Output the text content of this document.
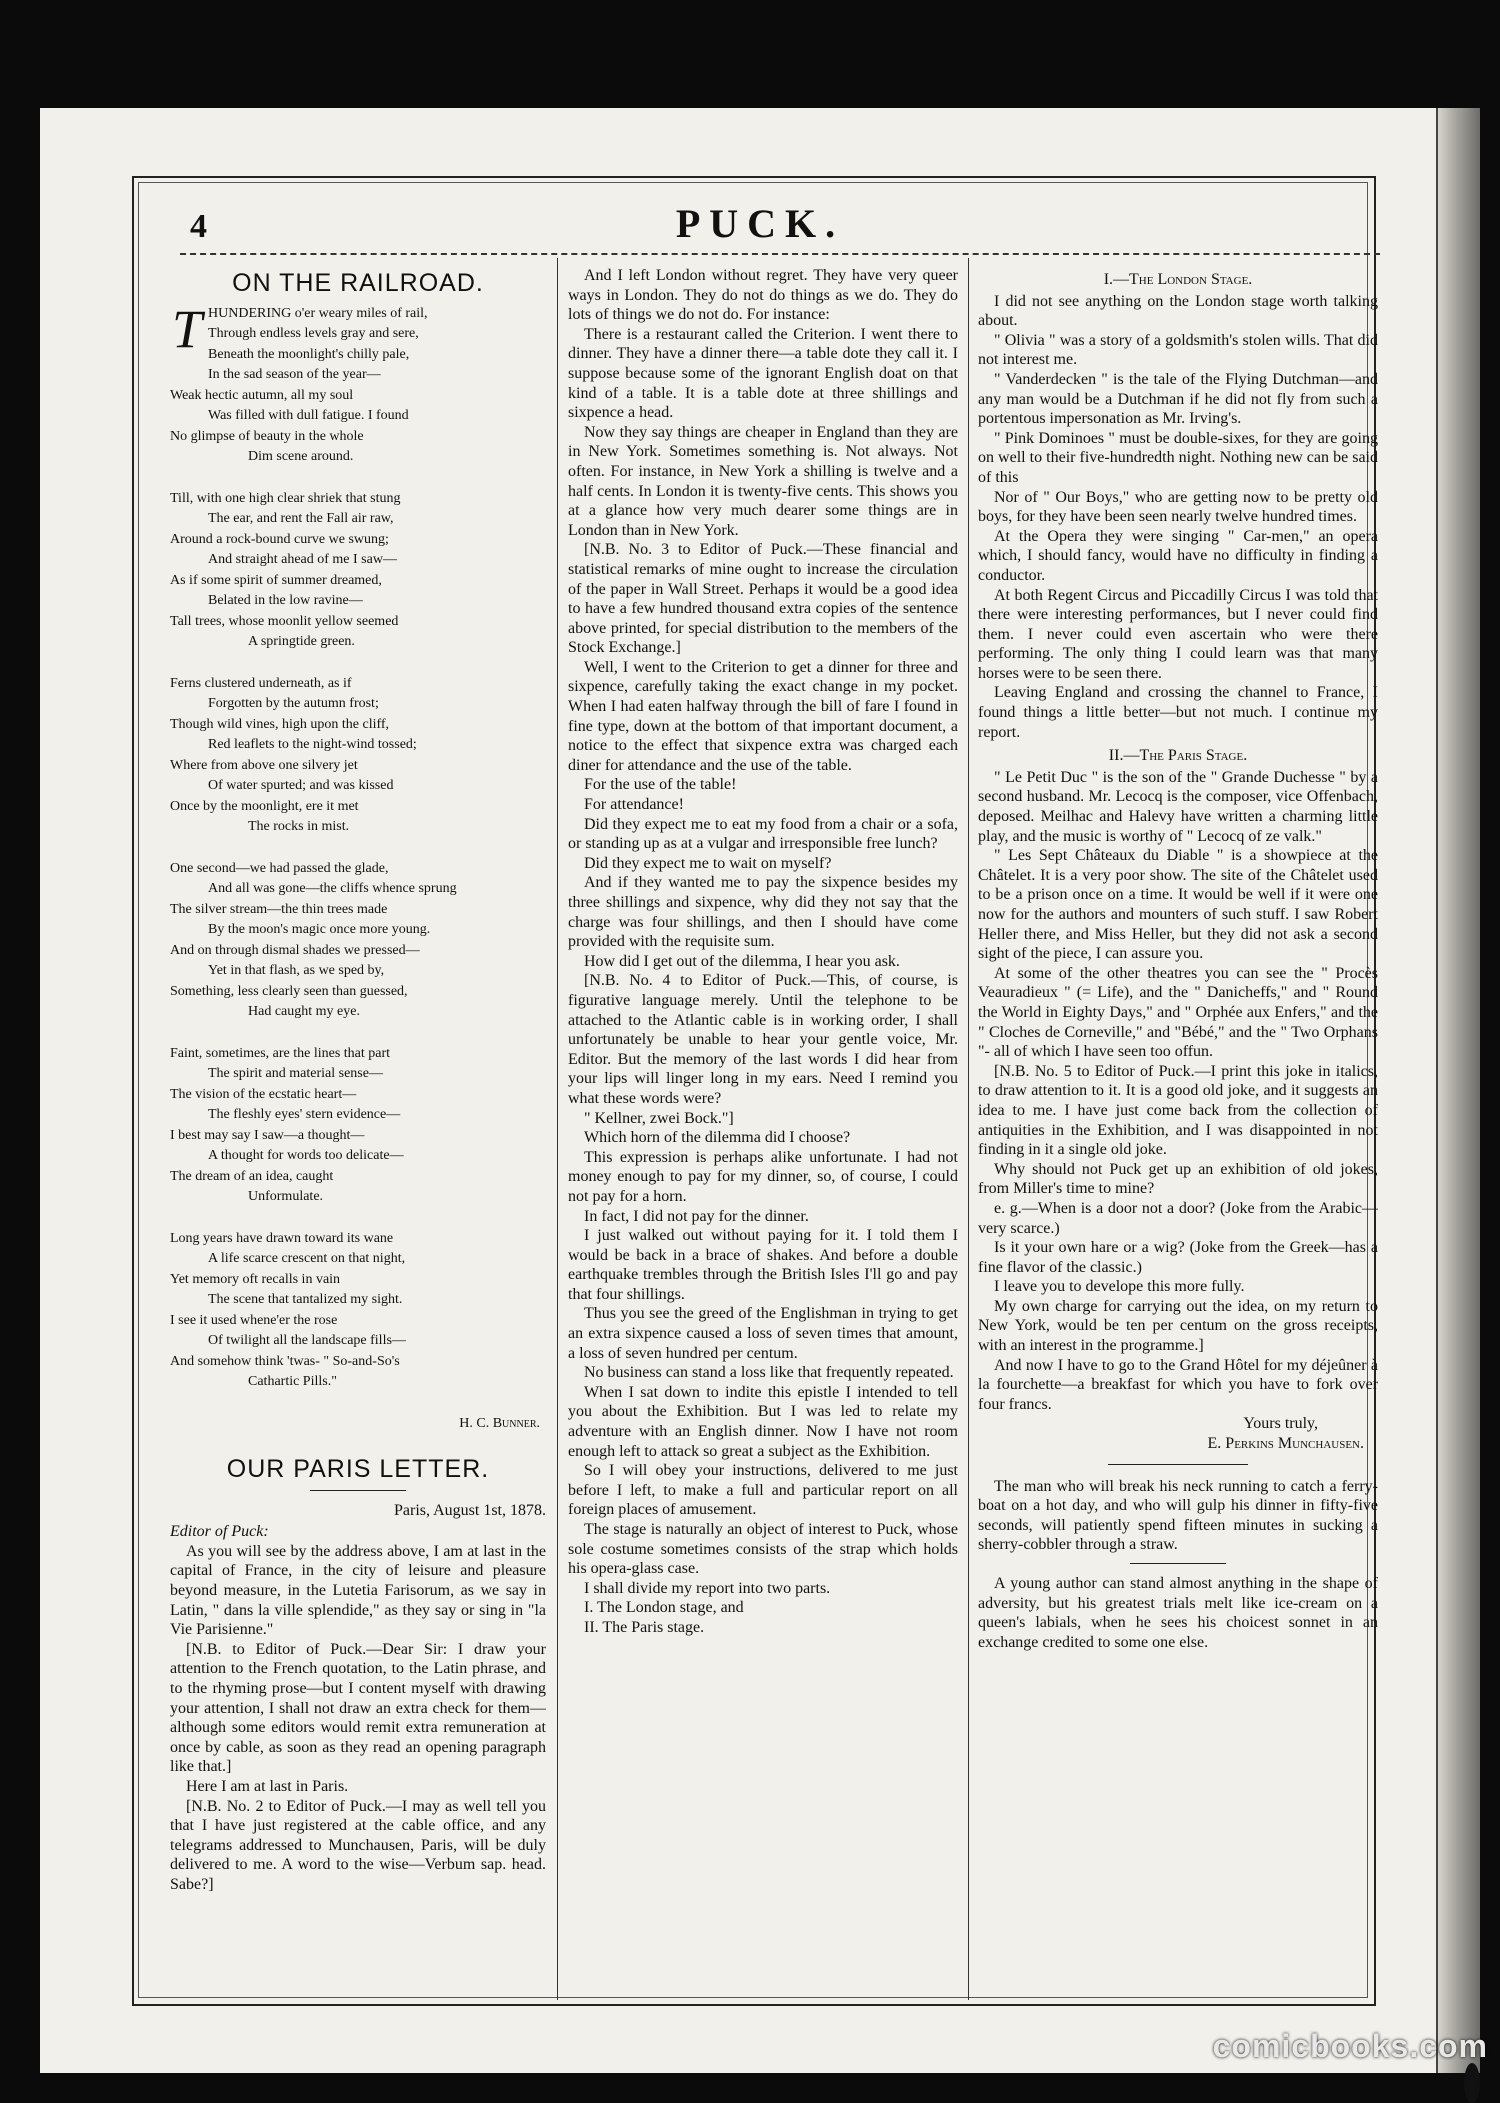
4	PUCK.
ON THE RAILROAD.
T HUNDERING o'er weary miles of rail,
Through endless levels gray and sere,
Beneath the moonlight's chilly pale,
In the sad season of the year—
Weak hectic autumn, all my soul
Was filled with dull fatigue. I found
No glimpse of beauty in the whole
Dim scene around.
Till, with one high clear shriek that stung
The ear, and rent the Fall air raw,
Around a rock-bound curve we swung;
And straight ahead of me I saw—
As if some spirit of summer dreamed,
Belated in the low ravine—
Tall trees, whose moonlit yellow seemed
A springtide green.
Ferns clustered underneath, as if
Forgotten by the autumn frost;
Though wild vines, high upon the cliff,
Red leaflets to the night-wind tossed;
Where from above one silvery jet
Of water spurted; and was kissed
Once by the moonlight, ere it met
The rocks in mist.
One second—we had passed the glade,
And all was gone—the cliffs whence sprung
The silver stream—the thin trees made
By the moon's magic once more young.
And on through dismal shades we pressed—
Yet in that flash, as we sped by,
Something, less clearly seen than guessed,
Had caught my eye.
Faint, sometimes, are the lines that part
The spirit and material sense—
The vision of the ecstatic heart—
The fleshly eyes' stern evidence—
I best may say I saw—a thought—
A thought for words too delicate—
The dream of an idea, caught
Unformulate.
Long years have drawn toward its wane
A life scarce crescent on that night,
Yet memory oft recalls in vain
The scene that tantalized my sight.
I see it used whene'er the rose
Of twilight all the landscape fills—
And somehow think 'twas- " So-and-So's
Cathartic Pills."
H. C. Bunner.
OUR PARIS LETTER.
Paris, August 1st, 1878.

Editor of Puck:

As you will see by the address above, I am at last in the capital of France, in the city of leisure and pleasure beyond measure, in the Lutetia Farisorum, as we say in Latin, " dans la ville splendide," as they say or sing in "la Vie Parisienne."

[N.B. to Editor of Puck.—Dear Sir: I draw your attention to the French quotation, to the Latin phrase, and to the rhyming prose—but I content myself with drawing your attention, I shall not draw an extra check for them—although some editors would remit extra remuneration at once by cable, as soon as they read an opening paragraph like that.]

Here I am at last in Paris.

[N.B. No. 2 to Editor of Puck.—I may as well tell you that I have just registered at the cable office, and any telegrams addressed to Munchausen, Paris, will be duly delivered to me. A word to the wise—Verbum sap. head. Sabe?]

And I left London without regret. They have very queer ways in London. They do not do things as we do. They do lots of things we do not do. For instance:

There is a restaurant called the Criterion. I went there to dinner. They have a dinner there—a table dote they call it. I suppose because some of the ignorant English doat on that kind of a table. It is a table dote at three shillings and sixpence a head.

Now they say things are cheaper in England than they are in New York. Sometimes something is. Not always. Not often. For instance, in New York a shilling is twelve and a half cents. In London it is twenty-five cents. This shows you at a glance how very much dearer some things are in London than in New York.

[N.B. No. 3 to Editor of Puck.—These financial and statistical remarks of mine ought to increase the circulation of the paper in Wall Street. Perhaps it would be a good idea to have a few hundred thousand extra copies of the sentence above printed, for special distribution to the members of the Stock Exchange.]

Well, I went to the Criterion to get a dinner for three and sixpence, carefully taking the exact change in my pocket. When I had eaten halfway through the bill of fare I found in fine type, down at the bottom of that important document, a notice to the effect that sixpence extra was charged each diner for attendance and the use of the table.

For the use of the table!

For attendance!

Did they expect me to eat my food from a chair or a sofa, or standing up as at a vulgar and irresponsible free lunch?

Did they expect me to wait on myself?

And if they wanted me to pay the sixpence besides my three shillings and sixpence, why did they not say that the charge was four shillings, and then I should have come provided with the requisite sum.

How did I get out of the dilemma, I hear you ask.

[N.B. No. 4 to Editor of Puck.—This, of course, is figurative language merely. Until the telephone to be attached to the Atlantic cable is in working order, I shall unfortunately be unable to hear your gentle voice, Mr. Editor. But the memory of the last words I did hear from your lips will linger long in my ears. Need I remind you what these words were?

" Kellner, zwei Bock."]

Which horn of the dilemma did I choose?

This expression is perhaps alike unfortunate. I had not money enough to pay for my dinner, so, of course, I could not pay for a horn.

In fact, I did not pay for the dinner.

I just walked out without paying for it. I told them I would be back in a brace of shakes. And before a double earthquake trembles through the British Isles I'll go and pay that four shillings.

Thus you see the greed of the Englishman in trying to get an extra sixpence caused a loss of seven times that amount, a loss of seven hundred per centum.

No business can stand a loss like that frequently repeated.

When I sat down to indite this epistle I intended to tell you about the Exhibition. But I was led to relate my adventure with an English dinner. Now I have not room enough left to attack so great a subject as the Exhibition.

So I will obey your instructions, delivered to me just before I left, to make a full and particular report on all foreign places of amusement.

The stage is naturally an object of interest to Puck, whose sole costume sometimes consists of the strap which holds his opera-glass case.

I shall divide my report into two parts.

I. The London stage, and

II. The Paris stage.

I.—The London Stage.

I did not see anything on the London stage worth talking about.

" Olivia " was a story of a goldsmith's stolen wills. That did not interest me.

" Vanderdecken " is the tale of the Flying Dutchman—and any man would be a Dutchman if he did not fly from such a portentous impersonation as Mr. Irving's.

" Pink Dominoes " must be double-sixes, for they are going on well to their five-hundredth night. Nothing new can be said of this

Nor of " Our Boys," who are getting now to be pretty old boys, for they have been seen nearly twelve hundred times.

At the Opera they were singing " Car-men," an opera which, I should fancy, would have no difficulty in finding a conductor.

At both Regent Circus and Piccadilly Circus I was told that there were interesting performances, but I never could find them. I never could even ascertain who were there performing. The only thing I could learn was that many horses were to be seen there.

Leaving England and crossing the channel to France, I found things a little better—but not much. I continue my report.

II.—The Paris Stage.

" Le Petit Duc " is the son of the " Grande Duchesse " by a second husband. Mr. Lecocq is the composer, vice Offenbach, deposed. Meilhac and Halevy have written a charming little play, and the music is worthy of " Lecocq of ze valk."

" Les Sept Châteaux du Diable " is a showpiece at the Châtelet. It is a very poor show. The site of the Châtelet used to be a prison once on a time. It would be well if it were one now for the authors and mounters of such stuff. I saw Robert Heller there, and Miss Heller, but they did not ask a second sight of the piece, I can assure you.

At some of the other theatres you can see the " Procès Veauradieux " (= Life), and the " Danicheffs," and " Round the World in Eighty Days," and " Orphée aux Enfers," and the " Cloches de Corneville," and "Bébé," and the " Two Orphans "- all of which I have seen too offun.

[N.B. No. 5 to Editor of Puck.—I print this joke in italics, to draw attention to it. It is a good old joke, and it suggests an idea to me. I have just come back from the collection of antiquities in the Exhibition, and I was disappointed in not finding in it a single old joke.

Why should not Puck get up an exhibition of old jokes, from Miller's time to mine?

e. g.—When is a door not a door? (Joke from the Arabic—very scarce.)

Is it your own hare or a wig? (Joke from the Greek—has a fine flavor of the classic.)

I leave you to develope this more fully.

My own charge for carrying out the idea, on my return to New York, would be ten per centum on the gross receipts, with an interest in the programme.]

And now I have to go to the Grand Hôtel for my déjeûner à la fourchette—a breakfast for which you have to fork over four francs.

Yours truly,
E. Perkins Munchausen.

The man who will break his neck running to catch a ferry-boat on a hot day, and who will gulp his dinner in fifty-five seconds, will patiently spend fifteen minutes in sucking a sherry-cobbler through a straw.

A young author can stand almost anything in the shape of adversity, but his greatest trials melt like ice-cream on a queen's labials, when he sees his choicest sonnet in an exchange credited to some one else.

comicbooks.com
